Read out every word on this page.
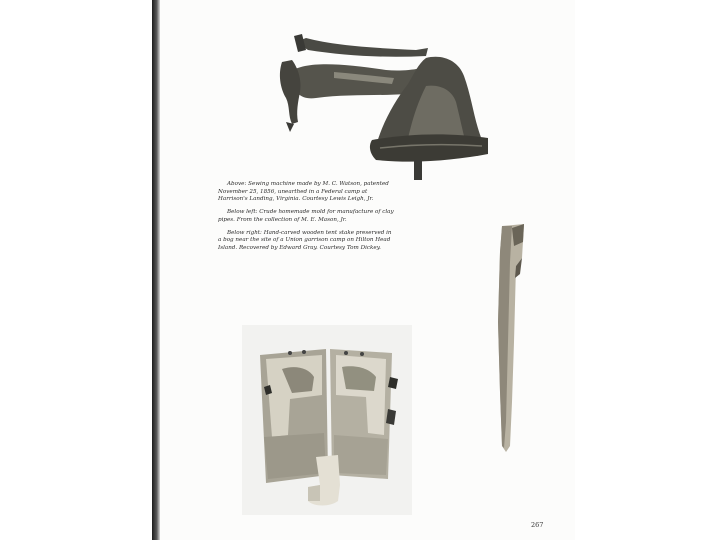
Above: Sewing machine made by M. C. Watson, patented November 25, 1856, unearthed in a Federal camp at Harrison's Landing, Virginia. Courtesy Lewis Leigh, Jr.

Below left: Crude homemade mold for manufacture of clay pipes. From the collection of M. E. Mason, Jr.

Below right: Hand-carved wooden tent stake preserved in a bog near the site of a Union garrison camp on Hilton Head Island. Recovered by Edward Gray. Courtesy Tom Dickey.

267
